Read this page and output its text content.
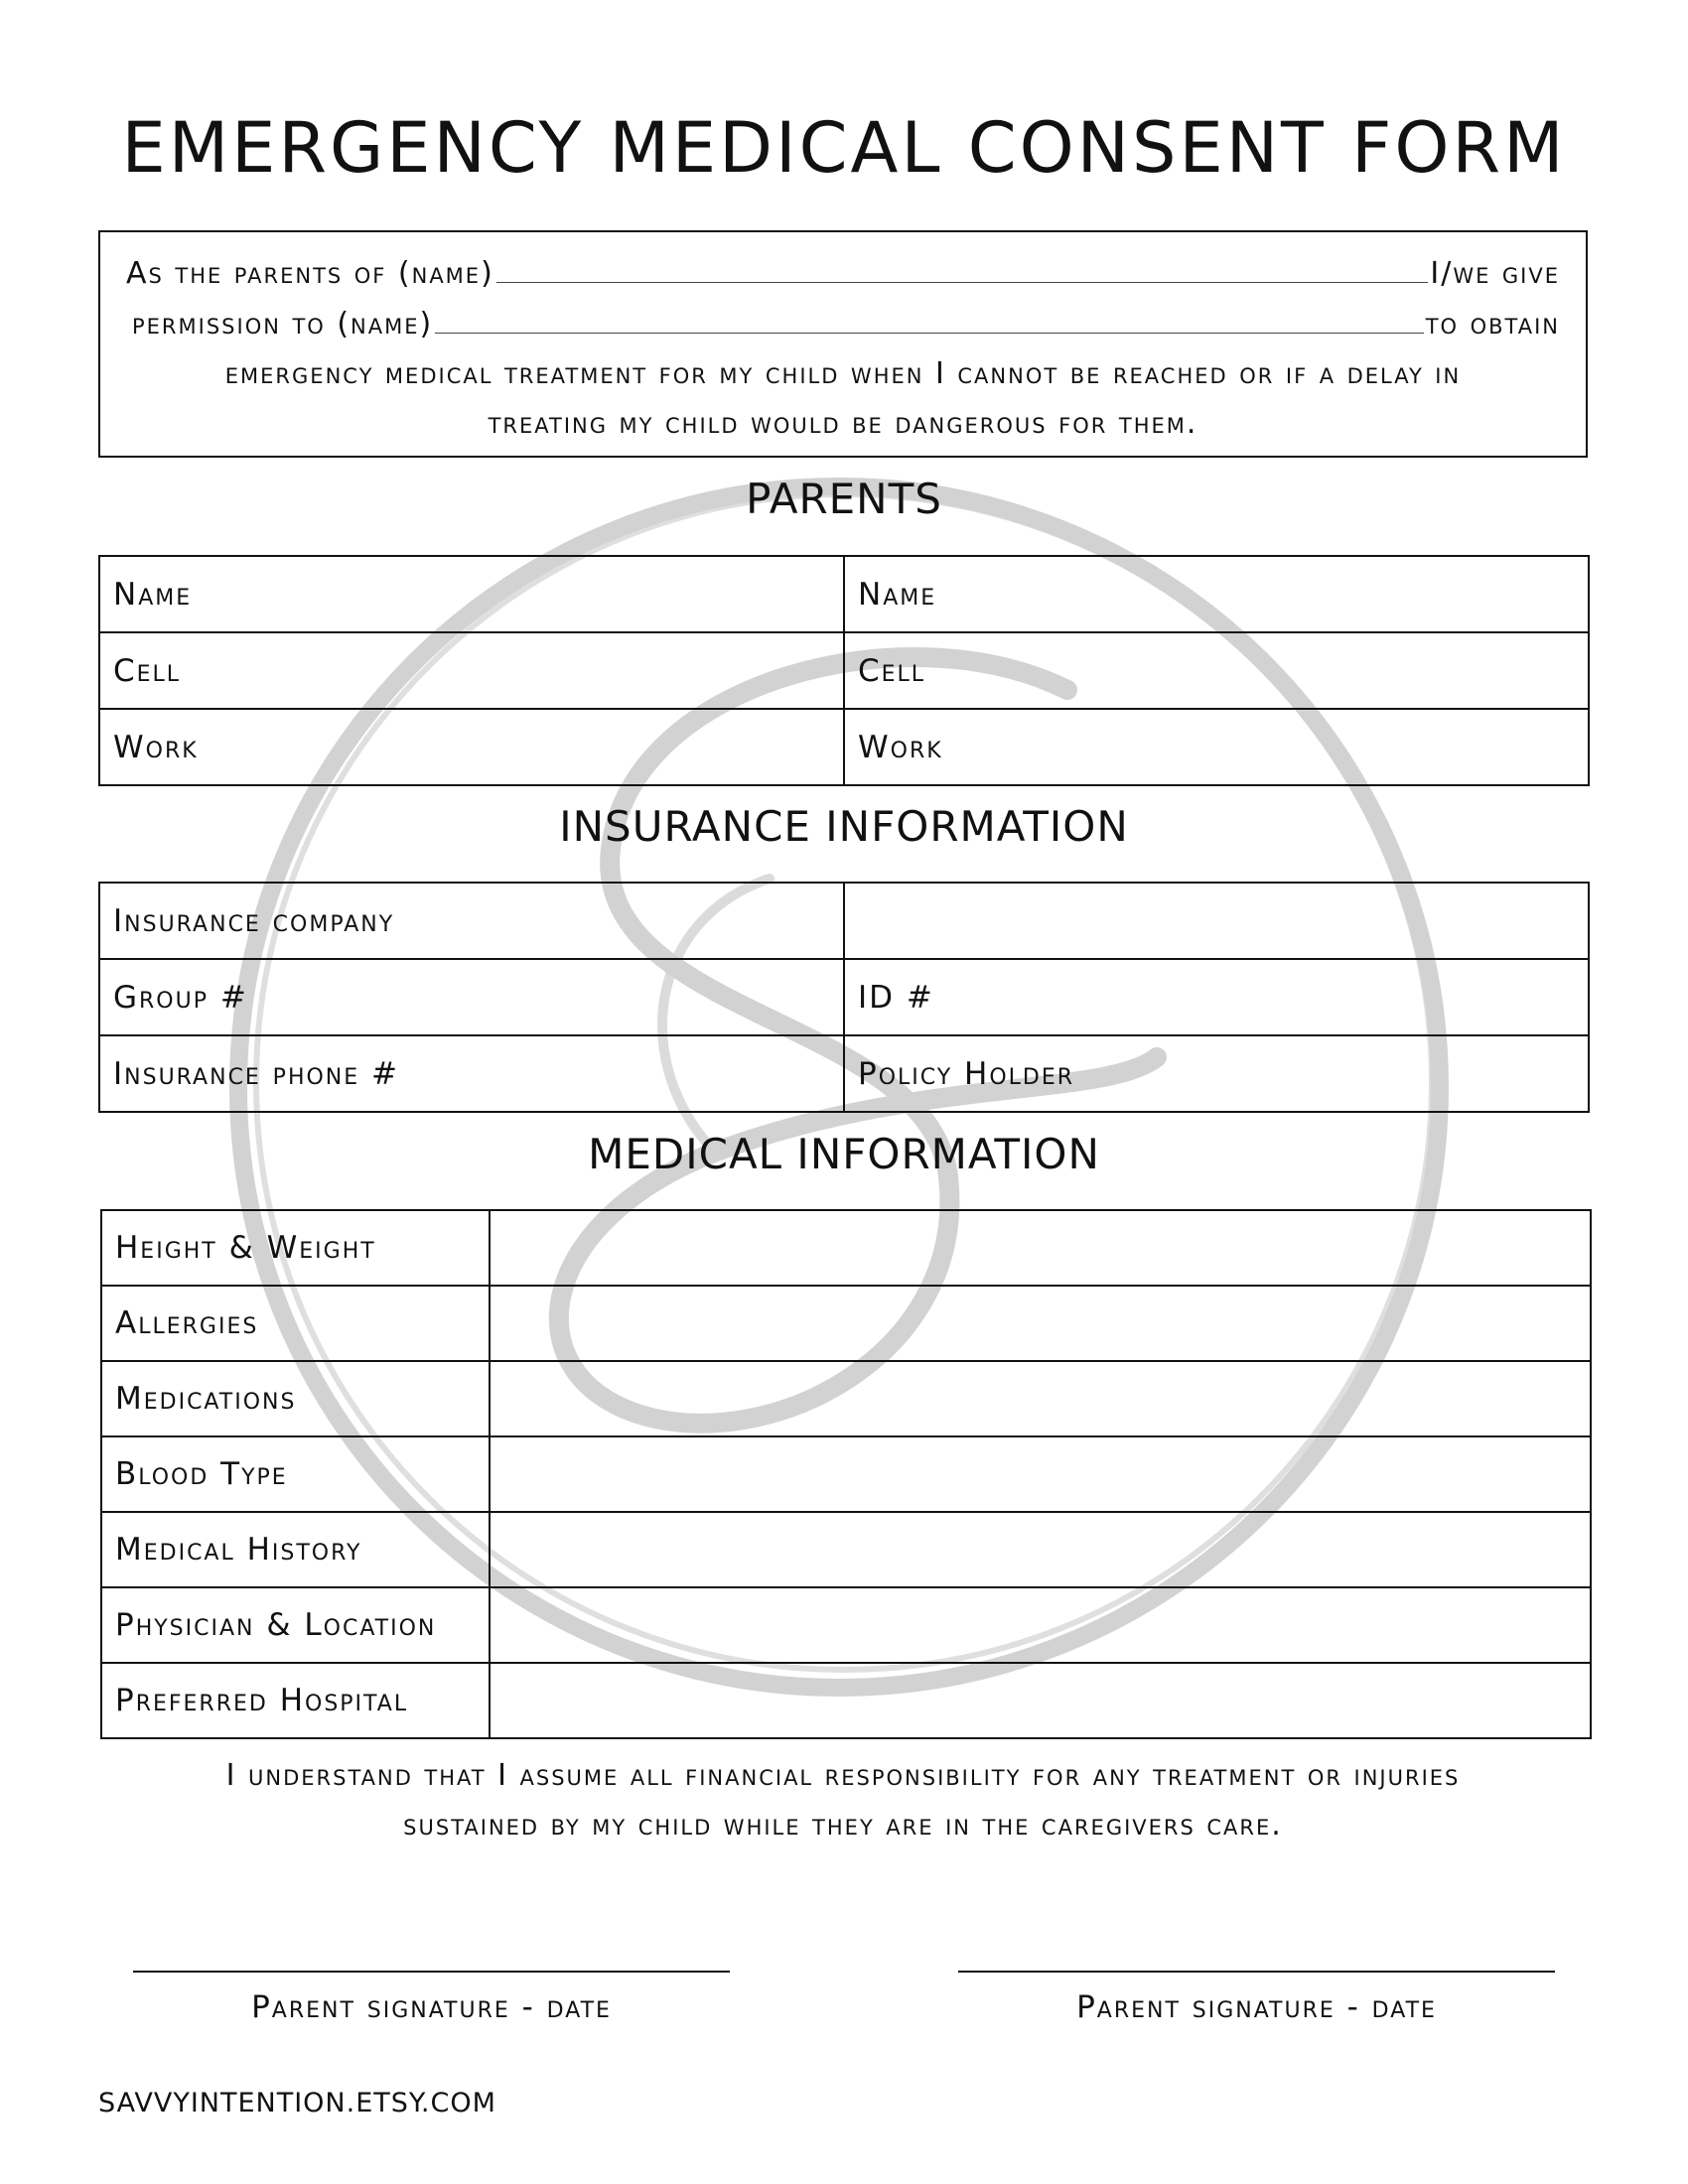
EMERGENCY MEDICAL CONSENT FORM
As the parents of (name)	I/we give
permission to (name)	to obtain
emergency medical treatment for my child when I cannot be reached or if a delay in
treating my child would be dangerous for them.
PARENTS
Name	Name
Cell	Cell
Work	Work
INSURANCE INFORMATION
Insurance company	
Group #	ID #
Insurance phone #	Policy Holder
MEDICAL INFORMATION
Height & Weight	
Allergies	
Medications	
Blood Type	
Medical History	
Physician & Location	
Preferred Hospital	
I understand that I assume all financial responsibility for any treatment or injuries
sustained by my child while they are in the caregivers care.
Parent signature - date	Parent signature - date
SAVVYINTENTION.ETSY.COM
